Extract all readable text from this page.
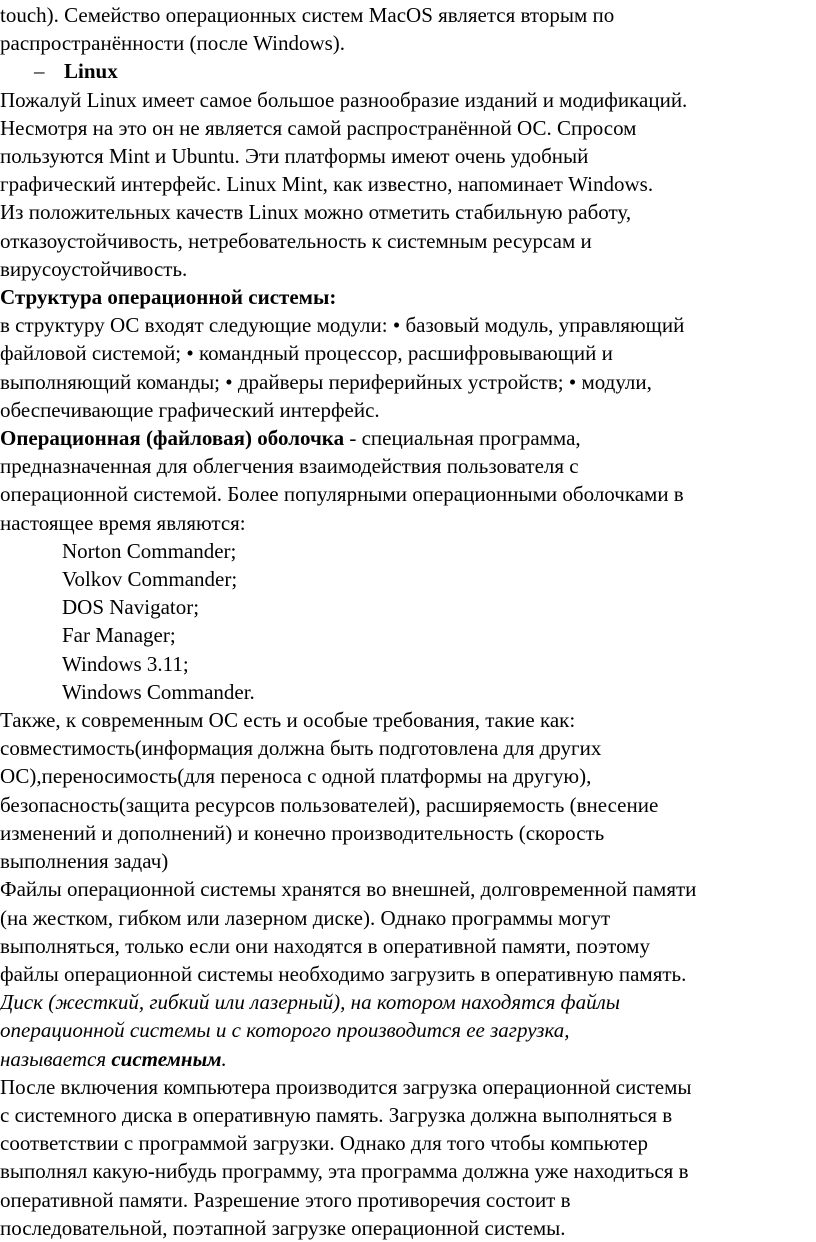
touch). Семейство операционных систем MacOS является вторым по
распространённости (после Windows).
– Linux
Пожалуй Linux имеет самое большое разнообразие изданий и модификаций.
Несмотря на это он не является самой распространённой ОС. Спросом
пользуются Mint и Ubuntu. Эти платформы имеют очень удобный
графический интерфейс. Linux Mint, как известно, напоминает Windows.
Из положительных качеств Linux можно отметить стабильную работу,
отказоустойчивость, нетребовательность к системным ресурсам и
вирусоустойчивость.
Структура операционной системы:
в структуру ОС входят следующие модули: • базовый модуль, управляющий
файловой системой; • командный процессор, расшифровывающий и
выполняющий команды; • драйверы периферийных устройств; • модули,
обеспечивающие графический интерфейс.
Операционная (файловая) оболочка - специальная программа,
предназначенная для облегчения взаимодействия пользователя с
операционной системой. Более популярными операционными оболочками в
настоящее время являются:
Norton Commander;
Volkov Commander;
DOS Navigator;
Far Manager;
Windows 3.11;
Windows Commander.
Также, к современным ОС есть и особые требования, такие как:
совместимость(информация должна быть подготовлена для других
ОС),переносимость(для переноса с одной платформы на другую),
безопасность(защита ресурсов пользователей), расширяемость (внесение
изменений и дополнений) и конечно производительность (скорость
выполнения задач)
Файлы операционной системы хранятся во внешней, долговременной памяти
(на жестком, гибком или лазерном диске). Однако программы могут
выполняться, только если они находятся в оперативной памяти, поэтому
файлы операционной системы необходимо загрузить в оперативную память.
Диск (жесткий, гибкий или лазерный), на котором находятся файлы
операционной системы и с которого производится ее загрузка,
называется системным.
После включения компьютера производится загрузка операционной системы
с системного диска в оперативную память. Загрузка должна выполняться в
соответствии с программой загрузки. Однако для того чтобы компьютер
выполнял какую-нибудь программу, эта программа должна уже находиться в
оперативной памяти. Разрешение этого противоречия состоит в
последовательной, поэтапной загрузке операционной системы.
